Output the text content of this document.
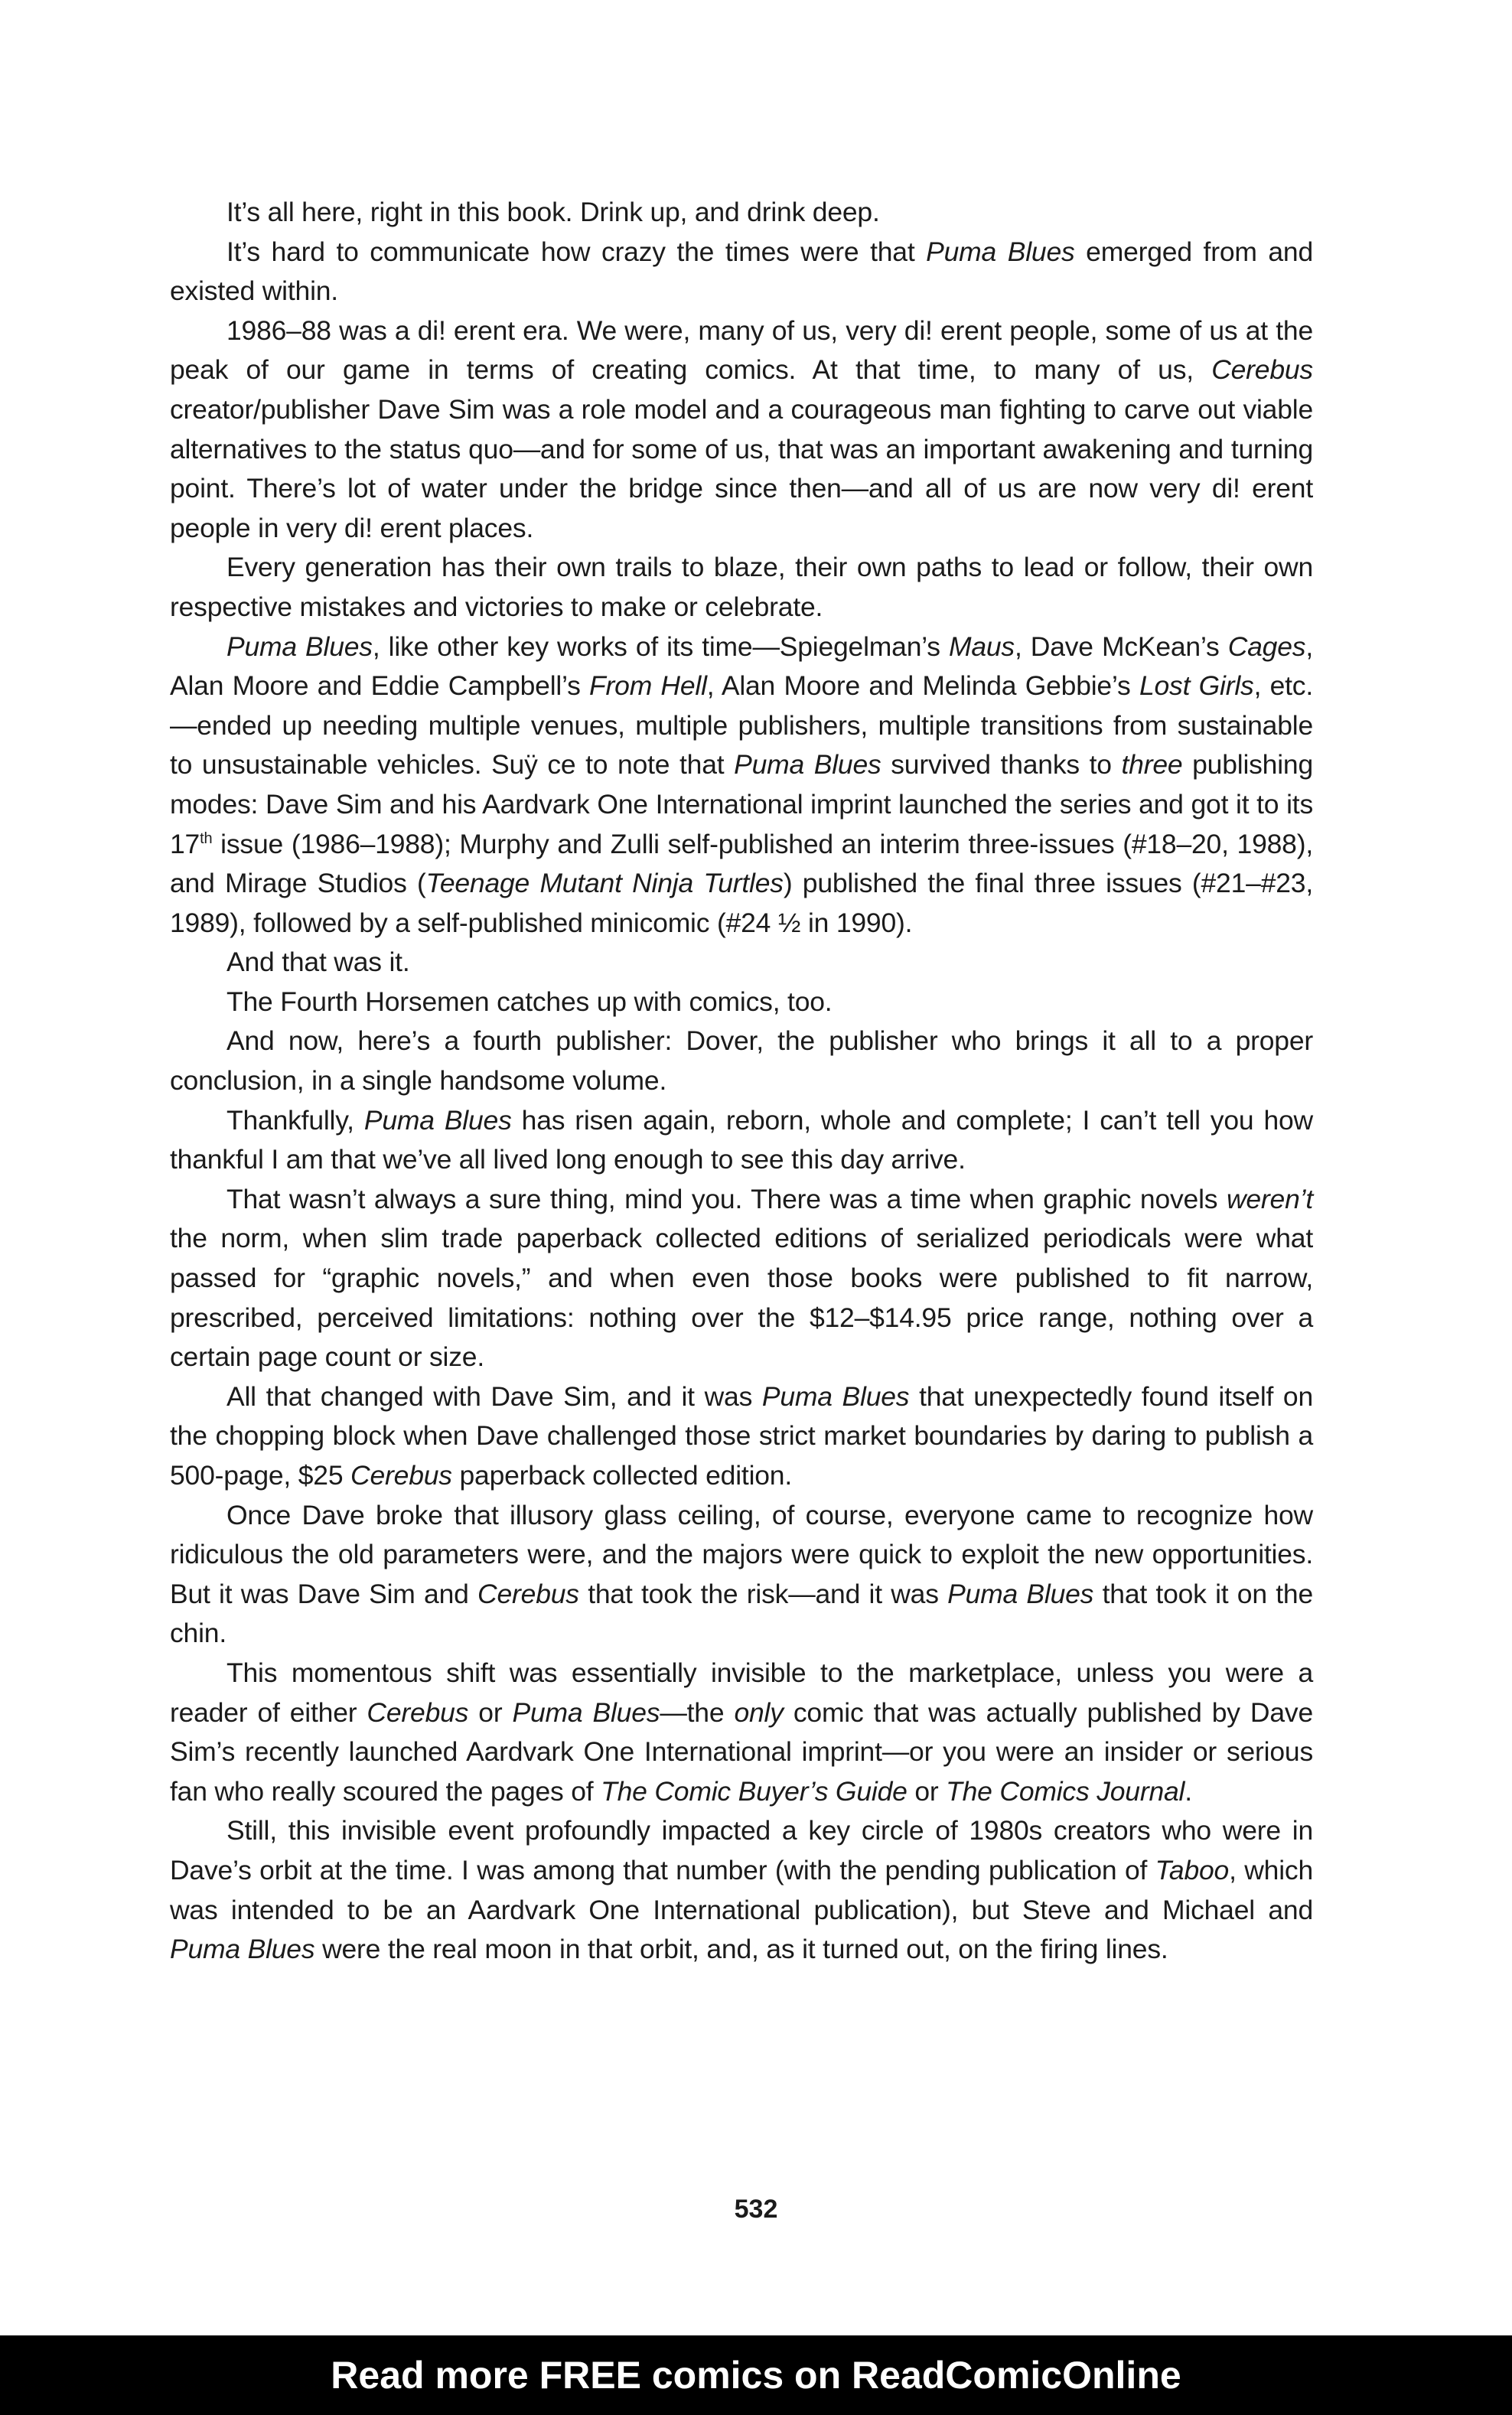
It’s all here, right in this book. Drink up, and drink deep.

It’s hard to communicate how crazy the times were that Puma Blues emerged from and existed within.

1986–88 was a di! erent era. We were, many of us, very di! erent people, some of us at the peak of our game in terms of creating comics. At that time, to many of us, Cerebus creator/publisher Dave Sim was a role model and a courageous man fighting to carve out viable alternatives to the status quo—and for some of us, that was an important awakening and turning point. There’s lot of water under the bridge since then—and all of us are now very di! erent people in very di! erent places.

Every generation has their own trails to blaze, their own paths to lead or follow, their own respective mistakes and victories to make or celebrate.

Puma Blues, like other key works of its time—Spiegelman’s Maus, Dave McKean’s Cages, Alan Moore and Eddie Campbell’s From Hell, Alan Moore and Melinda Gebbie’s Lost Girls, etc.—ended up needing multiple venues, multiple publishers, multiple transitions from sustainable to unsustainable vehicles. Suÿ ce to note that Puma Blues survived thanks to three publishing modes: Dave Sim and his Aardvark One International imprint launched the series and got it to its 17th issue (1986–1988); Murphy and Zulli self-published an interim three-issues (#18–20, 1988), and Mirage Studios (Teenage Mutant Ninja Turtles) published the final three issues (#21–#23, 1989), followed by a self-published minicomic (#24 ½ in 1990).

And that was it.

The Fourth Horsemen catches up with comics, too.

And now, here’s a fourth publisher: Dover, the publisher who brings it all to a proper conclusion, in a single handsome volume.

Thankfully, Puma Blues has risen again, reborn, whole and complete; I can’t tell you how thankful I am that we’ve all lived long enough to see this day arrive.

That wasn’t always a sure thing, mind you. There was a time when graphic novels weren’t the norm, when slim trade paperback collected editions of serialized periodicals were what passed for “graphic novels,” and when even those books were published to fit narrow, prescribed, perceived limitations: nothing over the $12–$14.95 price range, nothing over a certain page count or size.

All that changed with Dave Sim, and it was Puma Blues that unexpectedly found itself on the chopping block when Dave challenged those strict market boundaries by daring to publish a 500-page, $25 Cerebus paperback collected edition.

Once Dave broke that illusory glass ceiling, of course, everyone came to recognize how ridiculous the old parameters were, and the majors were quick to exploit the new opportunities. But it was Dave Sim and Cerebus that took the risk—and it was Puma Blues that took it on the chin.

This momentous shift was essentially invisible to the marketplace, unless you were a reader of either Cerebus or Puma Blues—the only comic that was actually published by Dave Sim’s recently launched Aardvark One International imprint—or you were an insider or serious fan who really scoured the pages of The Comic Buyer’s Guide or The Comics Journal.

Still, this invisible event profoundly impacted a key circle of 1980s creators who were in Dave’s orbit at the time. I was among that number (with the pending publication of Taboo, which was intended to be an Aardvark One International publication), but Steve and Michael and Puma Blues were the real moon in that orbit, and, as it turned out, on the firing lines.

532
Read more FREE comics on ReadComicOnline
